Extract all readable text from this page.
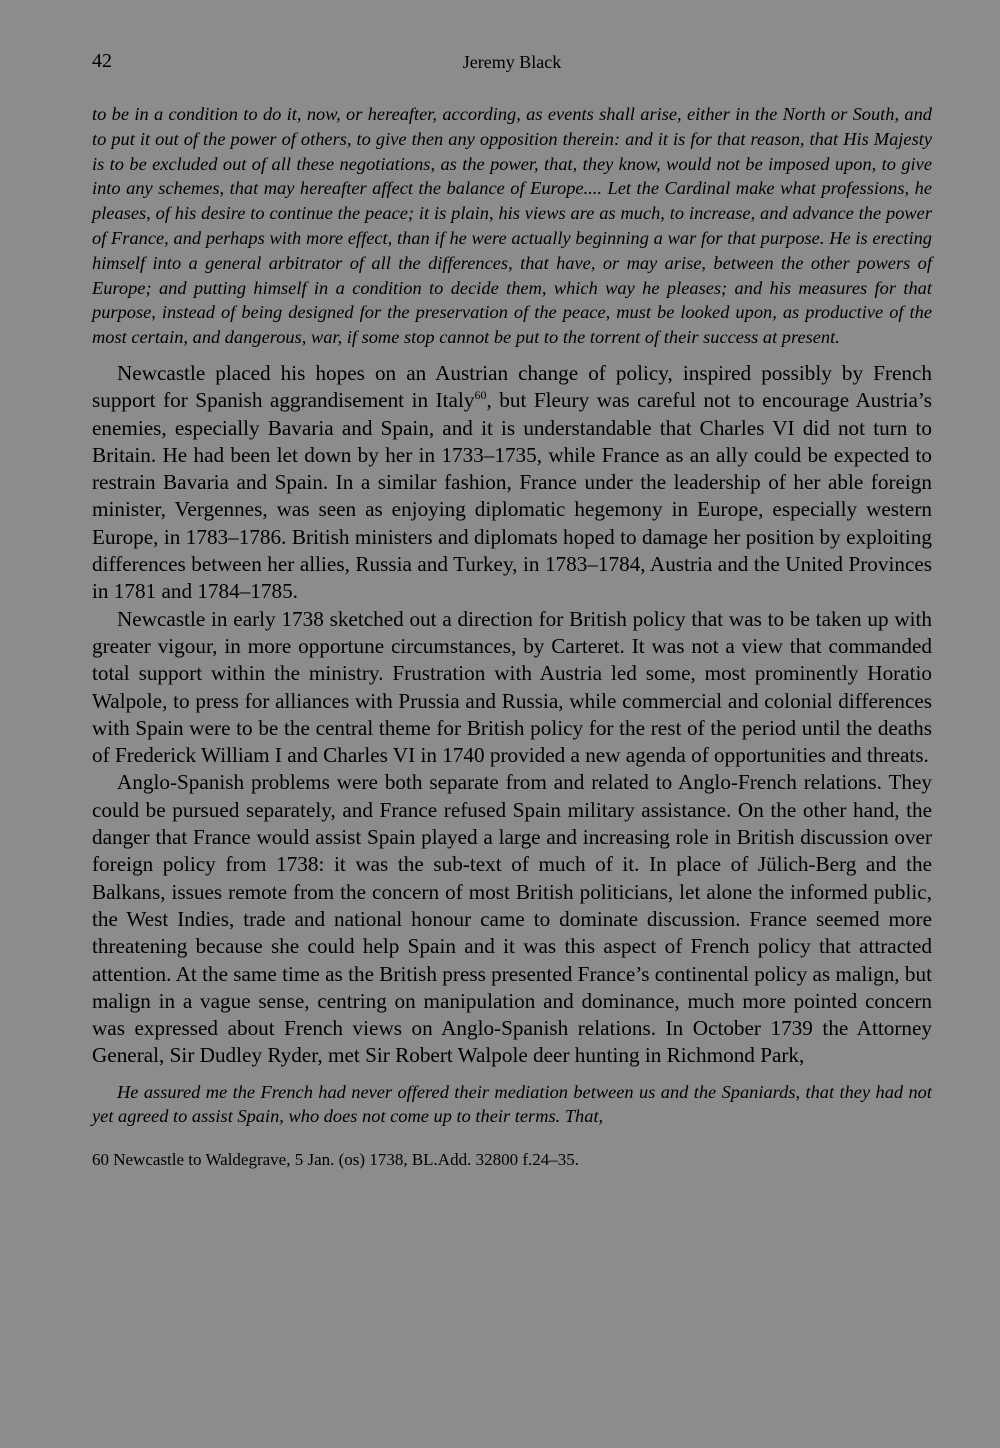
42	Jeremy Black

to be in a condition to do it, now, or hereafter, according, as events shall arise, either in the North or South, and to put it out of the power of others, to give then any opposition therein: and it is for that reason, that His Majesty is to be excluded out of all these negotiations, as the power, that, they know, would not be imposed upon, to give into any schemes, that may hereafter affect the balance of Europe.... Let the Cardinal make what professions, he pleases, of his desire to continue the peace; it is plain, his views are as much, to increase, and advance the power of France, and perhaps with more effect, than if he were actually beginning a war for that purpose. He is erecting himself into a general arbitrator of all the differences, that have, or may arise, between the other powers of Europe; and putting himself in a condition to decide them, which way he pleases; and his measures for that purpose, instead of being designed for the preservation of the peace, must be looked upon, as productive of the most certain, and dangerous, war, if some stop cannot be put to the torrent of their success at present.

Newcastle placed his hopes on an Austrian change of policy, inspired possibly by French support for Spanish aggrandisement in Italy$^{60}$, but Fleury was careful not to encourage Austria’s enemies, especially Bavaria and Spain, and it is understandable that Charles VI did not turn to Britain. He had been let down by her in 1733–1735, while France as an ally could be expected to restrain Bavaria and Spain. In a similar fashion, France under the leadership of her able foreign minister, Vergennes, was seen as enjoying diplomatic hegemony in Europe, especially western Europe, in 1783–1786. British ministers and diplomats hoped to damage her position by exploiting differences between her allies, Russia and Turkey, in 1783–1784, Austria and the United Provinces in 1781 and 1784–1785.

Newcastle in early 1738 sketched out a direction for British policy that was to be taken up with greater vigour, in more opportune circumstances, by Carteret. It was not a view that commanded total support within the ministry. Frustration with Austria led some, most prominently Horatio Walpole, to press for alliances with Prussia and Russia, while commercial and colonial differences with Spain were to be the central theme for British policy for the rest of the period until the deaths of Frederick William I and Charles VI in 1740 provided a new agenda of opportunities and threats.

Anglo-Spanish problems were both separate from and related to Anglo-French relations. They could be pursued separately, and France refused Spain military assistance. On the other hand, the danger that France would assist Spain played a large and increasing role in British discussion over foreign policy from 1738: it was the sub-text of much of it. In place of Jülich-Berg and the Balkans, issues remote from the concern of most British politicians, let alone the informed public, the West Indies, trade and national honour came to dominate discussion. France seemed more threatening because she could help Spain and it was this aspect of French policy that attracted attention. At the same time as the British press presented France’s continental policy as malign, but malign in a vague sense, centring on manipulation and dominance, much more pointed concern was expressed about French views on Anglo-Spanish relations. In October 1739 the Attorney General, Sir Dudley Ryder, met Sir Robert Walpole deer hunting in Richmond Park,

He assured me the French had never offered their mediation between us and the Spaniards, that they had not yet agreed to assist Spain, who does not come up to their terms. That,

60 Newcastle to Waldegrave, 5 Jan. (os) 1738, BL.Add. 32800 f.24–35.
